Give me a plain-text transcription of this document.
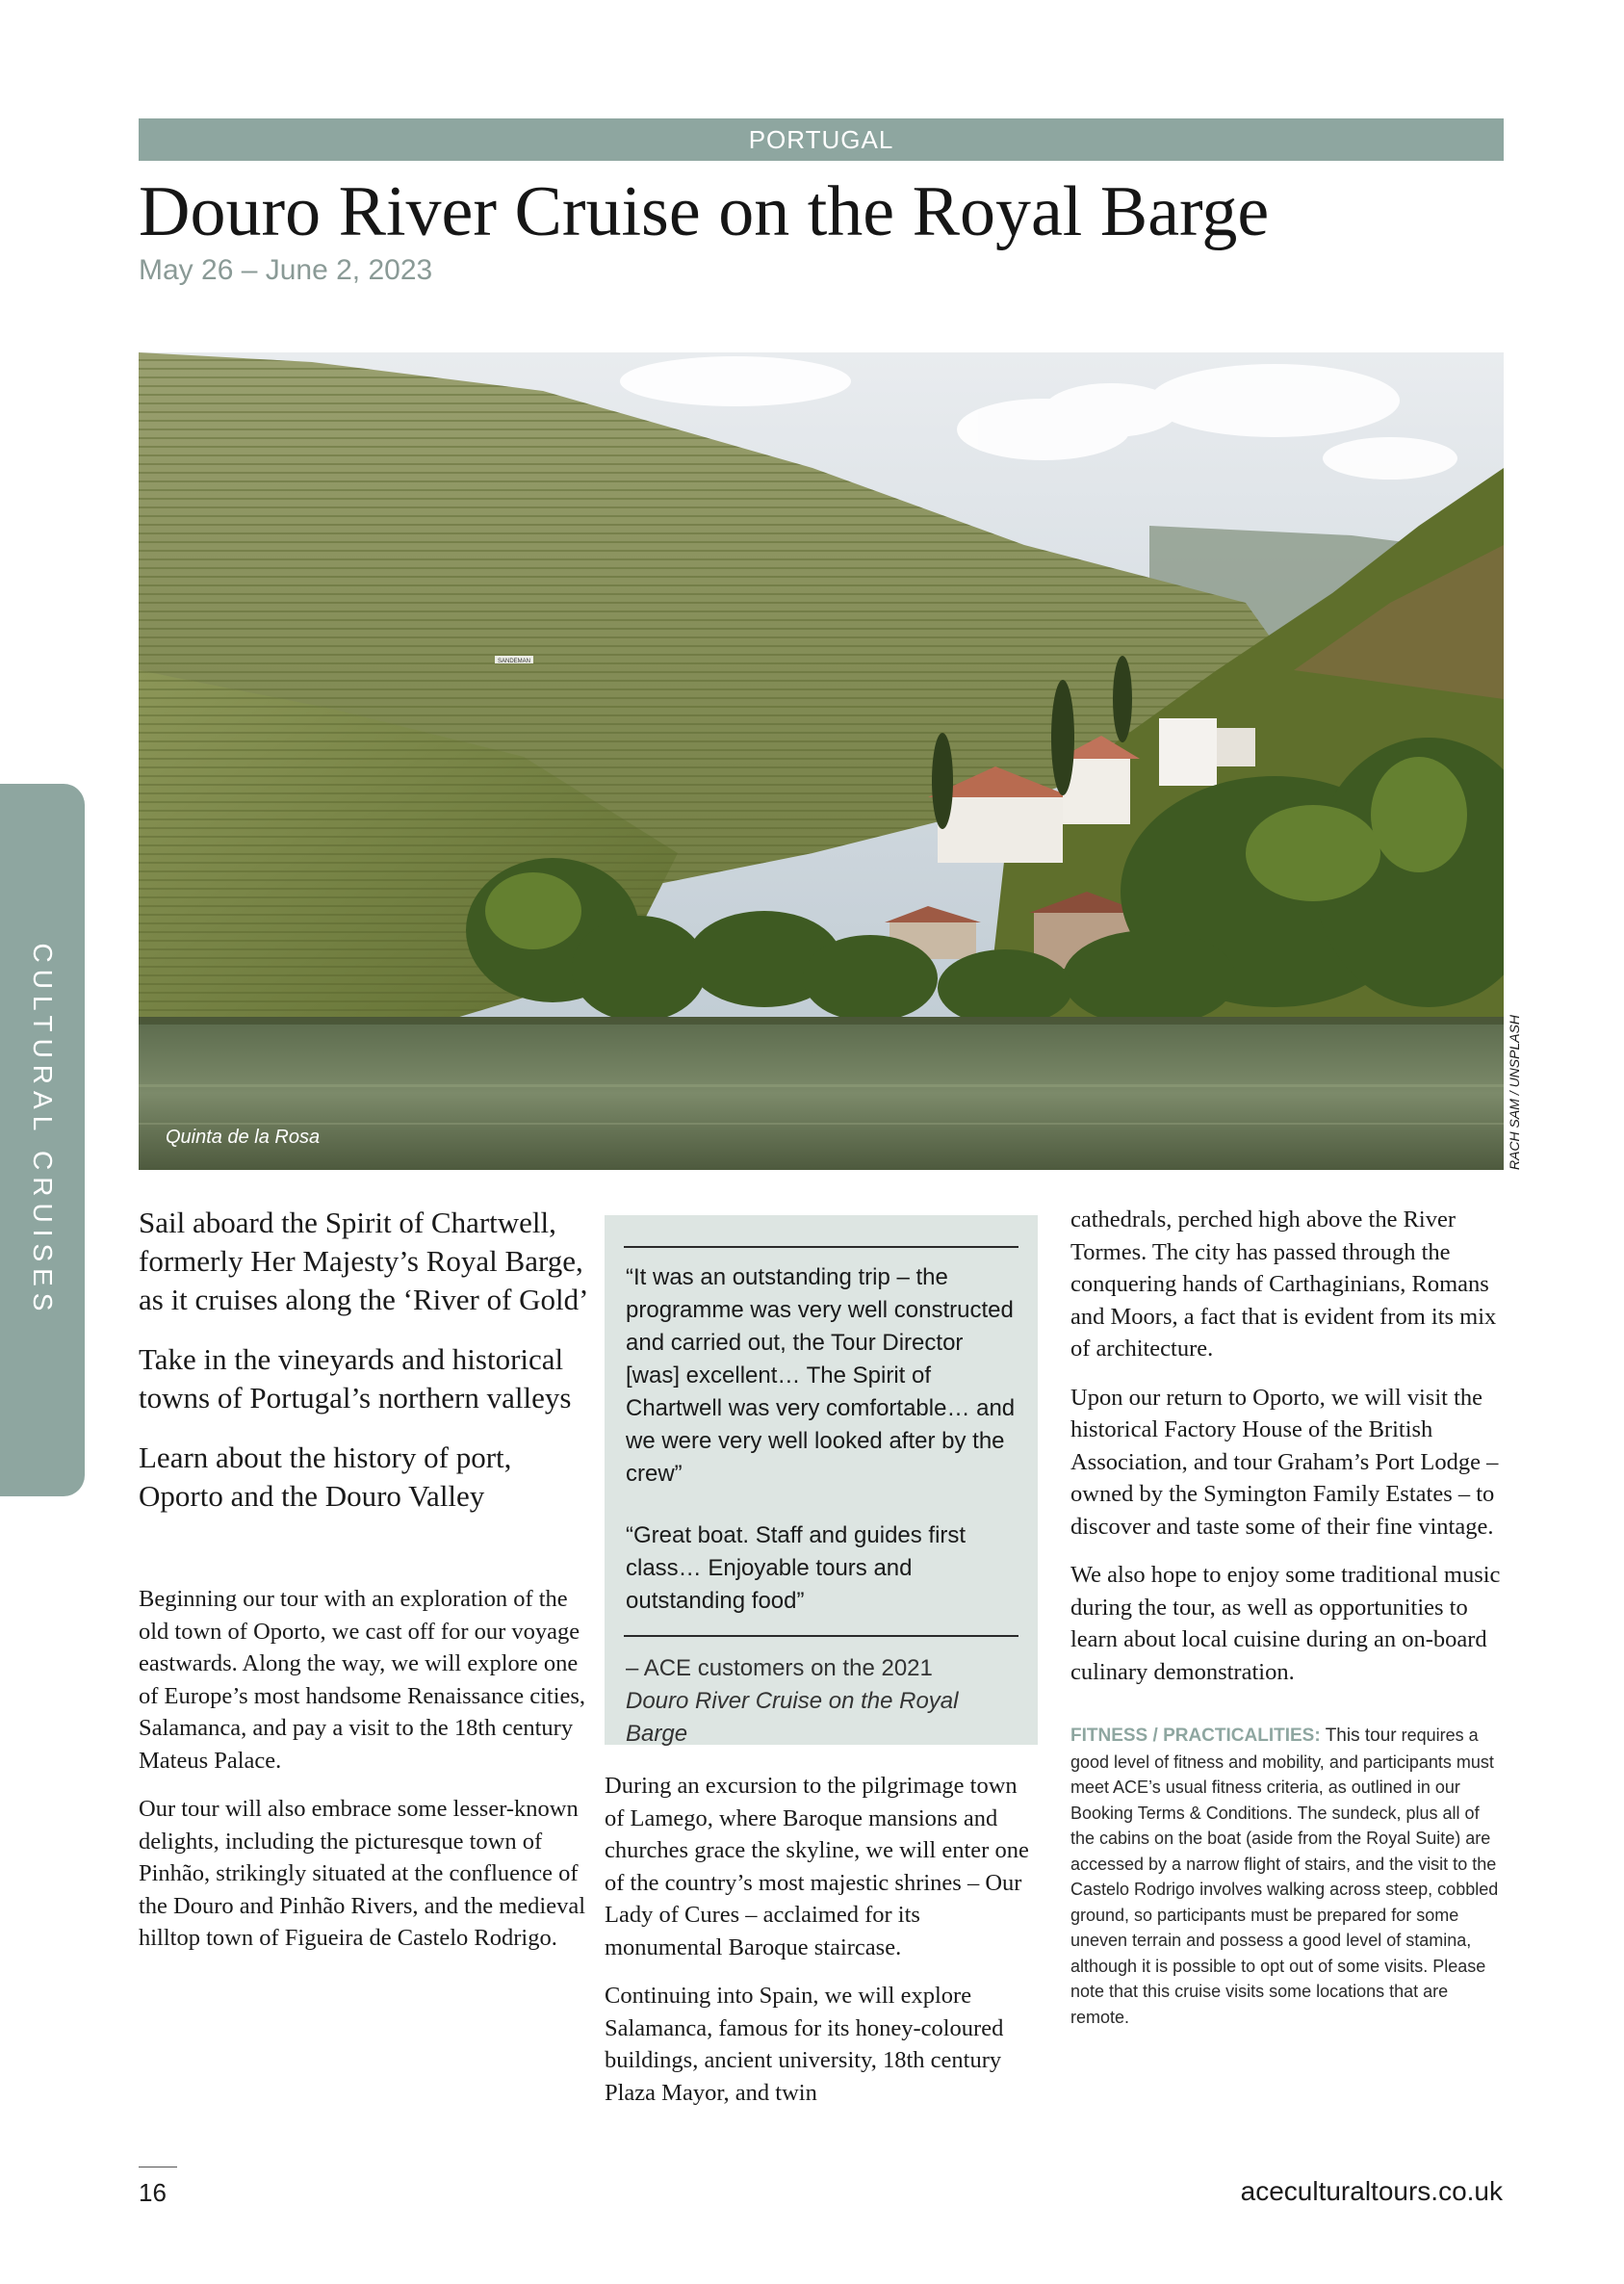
PORTUGAL
Douro River Cruise on the Royal Barge
May 26 – June 2, 2023
SANDEMAN
Quinta de la Rosa	RACH SAM / UNSPLASH
CULTURAL CRUISES	Sail aboard the Spirit of Chartwell, formerly Her Majesty’s Royal Barge, as it cruises along the ‘River of Gold’

Take in the vineyards and historical towns of Portugal’s northern valleys

Learn about the history of port, Oporto and the Douro Valley

Beginning our tour with an exploration of the old town of Oporto, we cast off for our voyage eastwards. Along the way, we will explore one of Europe’s most handsome Renaissance cities, Salamanca, and pay a visit to the 18th century Mateus Palace.

Our tour will also embrace some lesser-known delights, including the picturesque town of Pinhão, strikingly situated at the confluence of the Douro and Pinhão Rivers, and the medieval hilltop town of Figueira de Castelo Rodrigo.

“It was an outstanding trip – the programme was very well constructed and carried out, the Tour Director [was] excellent… The Spirit of Chartwell was very comfortable… and we were very well looked after by the crew”

“Great boat. Staff and guides first class… Enjoyable tours and outstanding food”

– ACE customers on the 2021
Douro River Cruise on the Royal Barge

During an excursion to the pilgrimage town of Lamego, where Baroque mansions and churches grace the skyline, we will enter one of the country’s most majestic shrines – Our Lady of Cures – acclaimed for its monumental Baroque staircase.

Continuing into Spain, we will explore Salamanca, famous for its honey-coloured buildings, ancient university, 18th century Plaza Mayor, and twin

cathedrals, perched high above the River Tormes. The city has passed through the conquering hands of Carthaginians, Romans and Moors, a fact that is evident from its mix of architecture.

Upon our return to Oporto, we will visit the historical Factory House of the British Association, and tour Graham’s Port Lodge – owned by the Symington Family Estates – to discover and taste some of their fine vintage.

We also hope to enjoy some traditional music during the tour, as well as opportunities to learn about local cuisine during an on-board culinary demonstration.

FITNESS / PRACTICALITIES: This tour requires a good level of fitness and mobility, and participants must meet ACE’s usual fitness criteria, as outlined in our Booking Terms & Conditions. The sundeck, plus all of the cabins on the boat (aside from the Royal Suite) are accessed by a narrow flight of stairs, and the visit to the Castelo Rodrigo involves walking across steep, cobbled ground, so participants must be prepared for some uneven terrain and possess a good level of stamina, although it is possible to opt out of some visits. Please note that this cruise visits some locations that are remote.

16	aceculturaltours.co.uk
